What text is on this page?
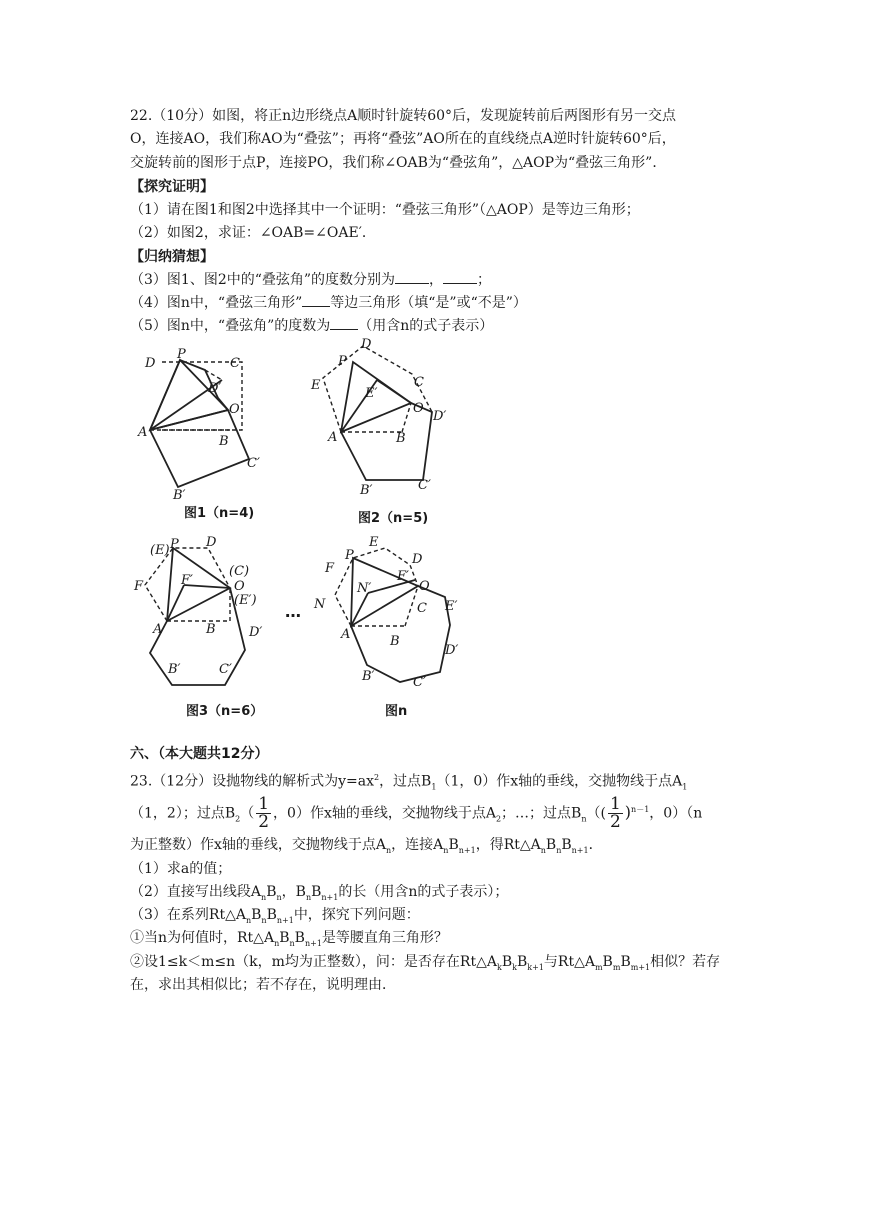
22.（10分）如图，将正n边形绕点A顺时针旋转60°后，发现旋转前后两图形有另一交点
O，连接AO，我们称AO为“叠弦”；再将“叠弦”AO所在的直线绕点A逆时针旋转60°后，
交旋转前的图形于点P，连接PO，我们称∠OAB为“叠弦角”，△AOP为“叠弦三角形”．
【探究证明】
（1）请在图1和图2中选择其中一个证明：“叠弦三角形”（△AOP）是等边三角形；
（2）如图2，求证：∠OAB=∠OAE′．
【归纳猜想】
（3）图1、图2中的“叠弦角”的度数分别为 ， ；
（4）图n中，“叠弦三角形” 等边三角形（填“是”或“不是”）
（5）图n中，“叠弦角”的度数为 （用含n的式子表示）
D
P
C
D′
O
A
B
C′
B′
D
P
E	C
E′
O
D′
A	B
C′
B′
(E) P D
F	F′
(C)
O
(E′)
A	B	D′
B′	C′
P
E
D
F
F′
O
N′
N	C E′
A	B
D′
B′	C′
图1（n=4)	图2（n=5)
图3（n=6）	图n
…
六、（本大题共12分）
23.（12分）设抛物线的解析式为$y=ax^2$，过点$B_1(1$，0）作x轴的垂线，交抛物线于点$A_1$
（1，2）；过点$B_2( \frac{1}{2}$ ，0）作x轴的垂线，交抛物线于点$A_2$；…；过点$B_n(( \frac{1}{2} )^{n-1}$，0）（n
为正整数）作x轴的垂线，交抛物线于点$A_n$，连接$A_nB_{n+1}$，得$Rt\triangle A_nB_nB_{n+1}$．
（1）求a的值；
（2）直接写出线段$A_nB_n$，$B_nB_{n+1}$的长（用含n的式子表示）；
（3）在系列$Rt\triangle A_nB_nB_{n+1}$中，探究下列问题：
①当n为何值时，$Rt\triangle A_nB_nB_{n+1}$是等腰直角三角形？
②设1≤k＜m≤n（k，m均为正整数），问：是否存在$Rt\triangle A_kB_kB_{k+1}$与$Rt\triangle A_mB_mB_{m+1}$相似？若存
在，求出其相似比；若不存在，说明理由．
